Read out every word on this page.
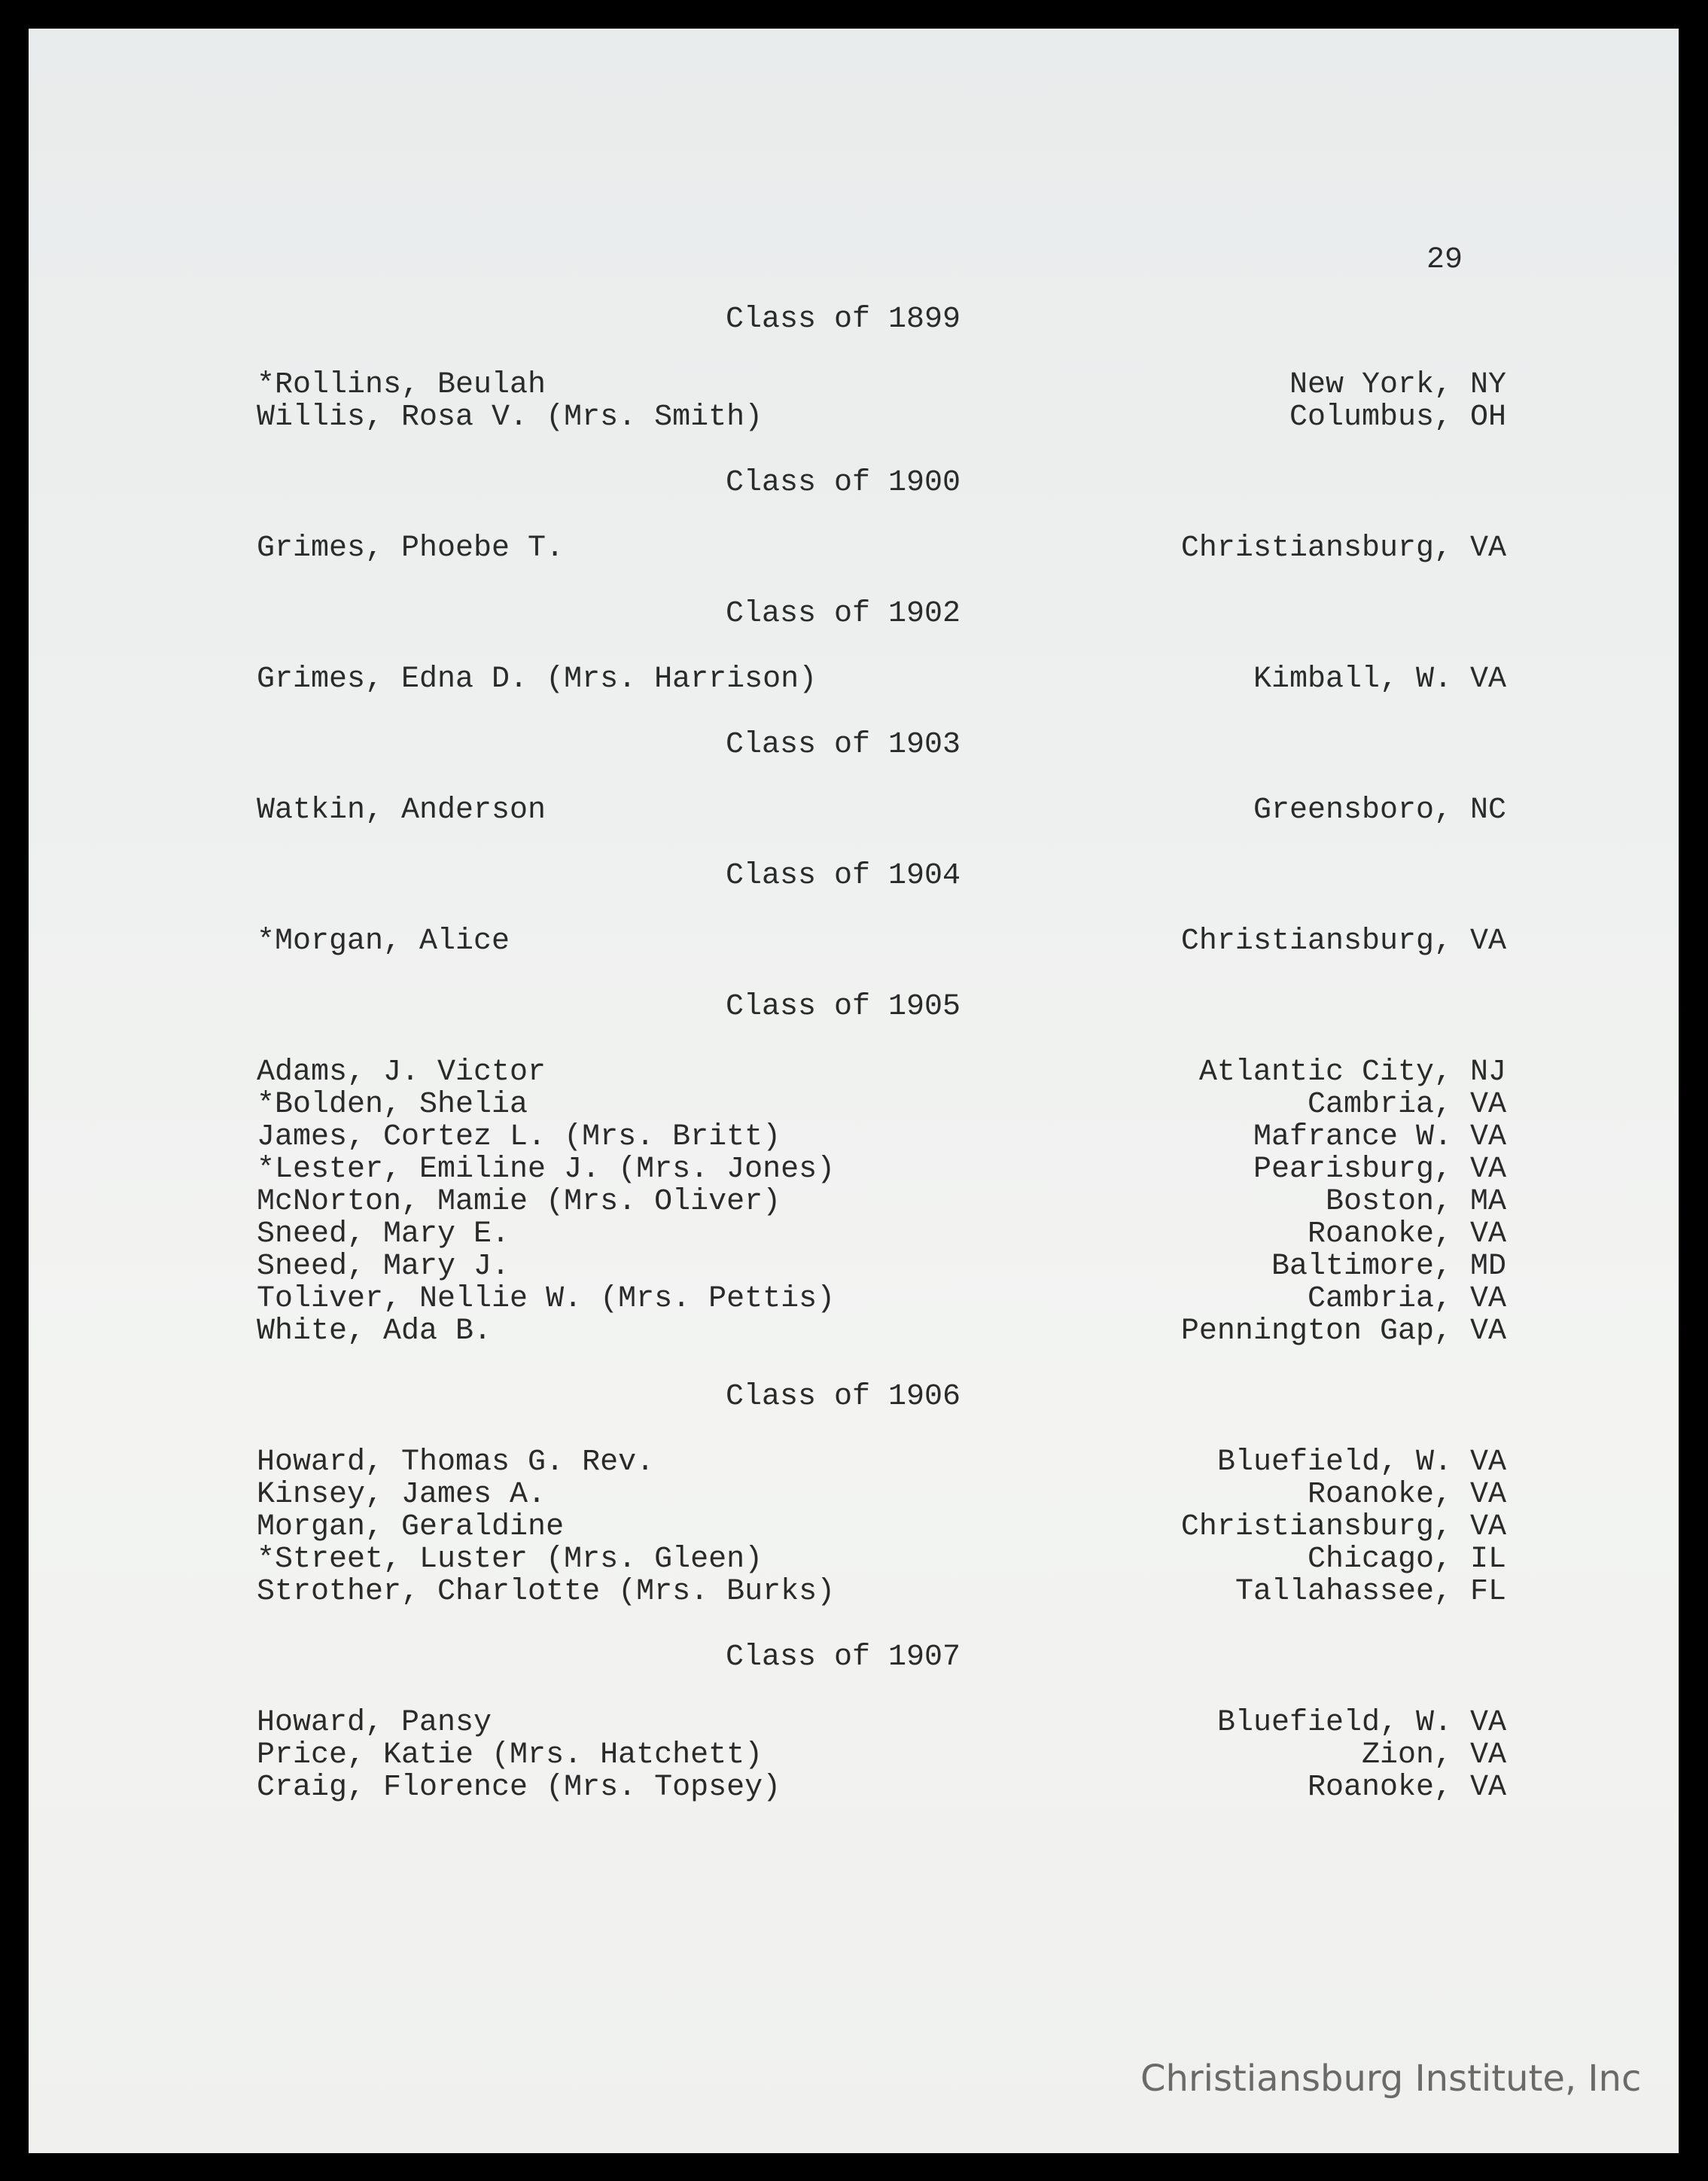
29
Class of 1899
*Rollins, Beulah	New York, NY
Willis, Rosa V. (Mrs. Smith)	Columbus, OH
Class of 1900
Grimes, Phoebe T.	Christiansburg, VA
Class of 1902
Grimes, Edna D. (Mrs. Harrison)	Kimball, W. VA
Class of 1903
Watkin, Anderson	Greensboro, NC
Class of 1904
*Morgan, Alice	Christiansburg, VA
Class of 1905
Adams, J. Victor	Atlantic City, NJ
*Bolden, Shelia	Cambria, VA
James, Cortez L. (Mrs. Britt)	Mafrance W. VA
*Lester, Emiline J. (Mrs. Jones)	Pearisburg, VA
McNorton, Mamie (Mrs. Oliver)	Boston, MA
Sneed, Mary E.	Roanoke, VA
Sneed, Mary J.	Baltimore, MD
Toliver, Nellie W. (Mrs. Pettis)	Cambria, VA
White, Ada B.	Pennington Gap, VA
Class of 1906
Howard, Thomas G. Rev.	Bluefield, W. VA
Kinsey, James A.	Roanoke, VA
Morgan, Geraldine	Christiansburg, VA
*Street, Luster (Mrs. Gleen)	Chicago, IL
Strother, Charlotte (Mrs. Burks)	Tallahassee, FL
Class of 1907
Howard, Pansy	Bluefield, W. VA
Price, Katie (Mrs. Hatchett)	Zion, VA
Craig, Florence (Mrs. Topsey)	Roanoke, VA
Christiansburg Institute, Inc
